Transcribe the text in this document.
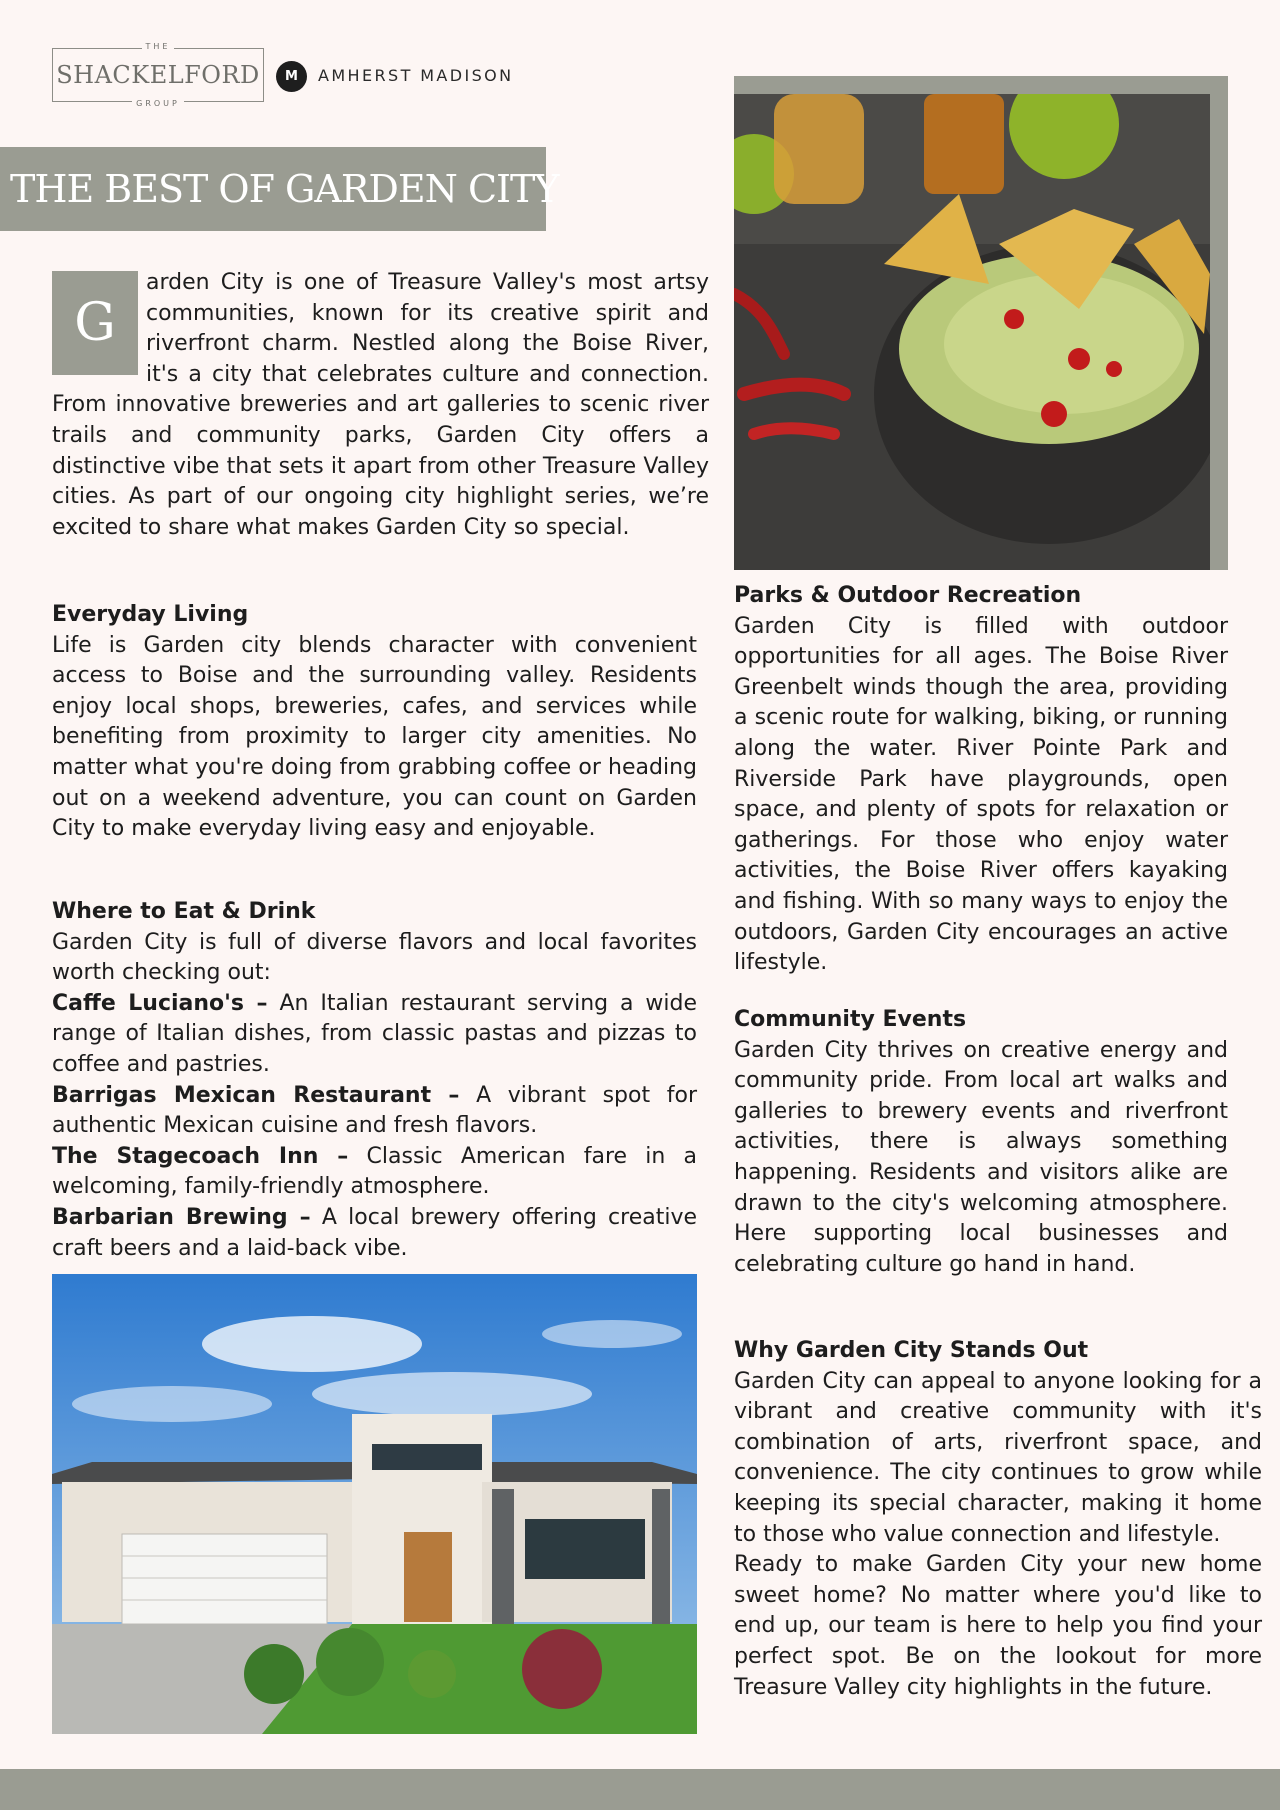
THE
SHACKELFORD
GROUP
M AMHERST MADISON
THE BEST OF GARDEN CITY
G

arden City is one of Treasure Valley's most artsy communities, known for its creative spirit and riverfront charm. Nestled along the Boise River, it's a city that celebrates culture and connection. From innovative breweries and art galleries to scenic river trails and community parks, Garden City offers a distinctive vibe that sets it apart from other Treasure Valley cities. As part of our ongoing city highlight series, we’re excited to share what makes Garden City so special.

Everyday Living

Life is Garden city blends character with convenient access to Boise and the surrounding valley. Residents enjoy local shops, breweries, cafes, and services while benefiting from proximity to larger city amenities. No matter what you're doing from grabbing coffee or heading out on a weekend adventure, you can count on Garden City to make everyday living easy and enjoyable.

Where to Eat & Drink

Garden City is full of diverse flavors and local favorites worth checking out:

Caffe Luciano's – An Italian restaurant serving a wide range of Italian dishes, from classic pastas and pizzas to coffee and pastries.

Barrigas Mexican Restaurant – A vibrant spot for authentic Mexican cuisine and fresh flavors.

The Stagecoach Inn – Classic American fare in a welcoming, family-friendly atmosphere.

Barbarian Brewing – A local brewery offering creative craft beers and a laid-back vibe.

Parks & Outdoor Recreation

Garden City is filled with outdoor opportunities for all ages. The Boise River Greenbelt winds though the area, providing a scenic route for walking, biking, or running along the water. River Pointe Park and Riverside Park have playgrounds, open space, and plenty of spots for relaxation or gatherings. For those who enjoy water activities, the Boise River offers kayaking and fishing. With so many ways to enjoy the outdoors, Garden City encourages an active lifestyle.

Community Events

Garden City thrives on creative energy and community pride. From local art walks and galleries to brewery events and riverfront activities, there is always something happening. Residents and visitors alike are drawn to the city's welcoming atmosphere. Here supporting local businesses and celebrating culture go hand in hand.

Why Garden City Stands Out

Garden City can appeal to anyone looking for a vibrant and creative community with it's combination of arts, riverfront space, and convenience. The city continues to grow while keeping its special character, making it home to those who value connection and lifestyle.

Ready to make Garden City your new home sweet home? No matter where you'd like to end up, our team is here to help you find your perfect spot. Be on the lookout for more Treasure Valley city highlights in the future.
